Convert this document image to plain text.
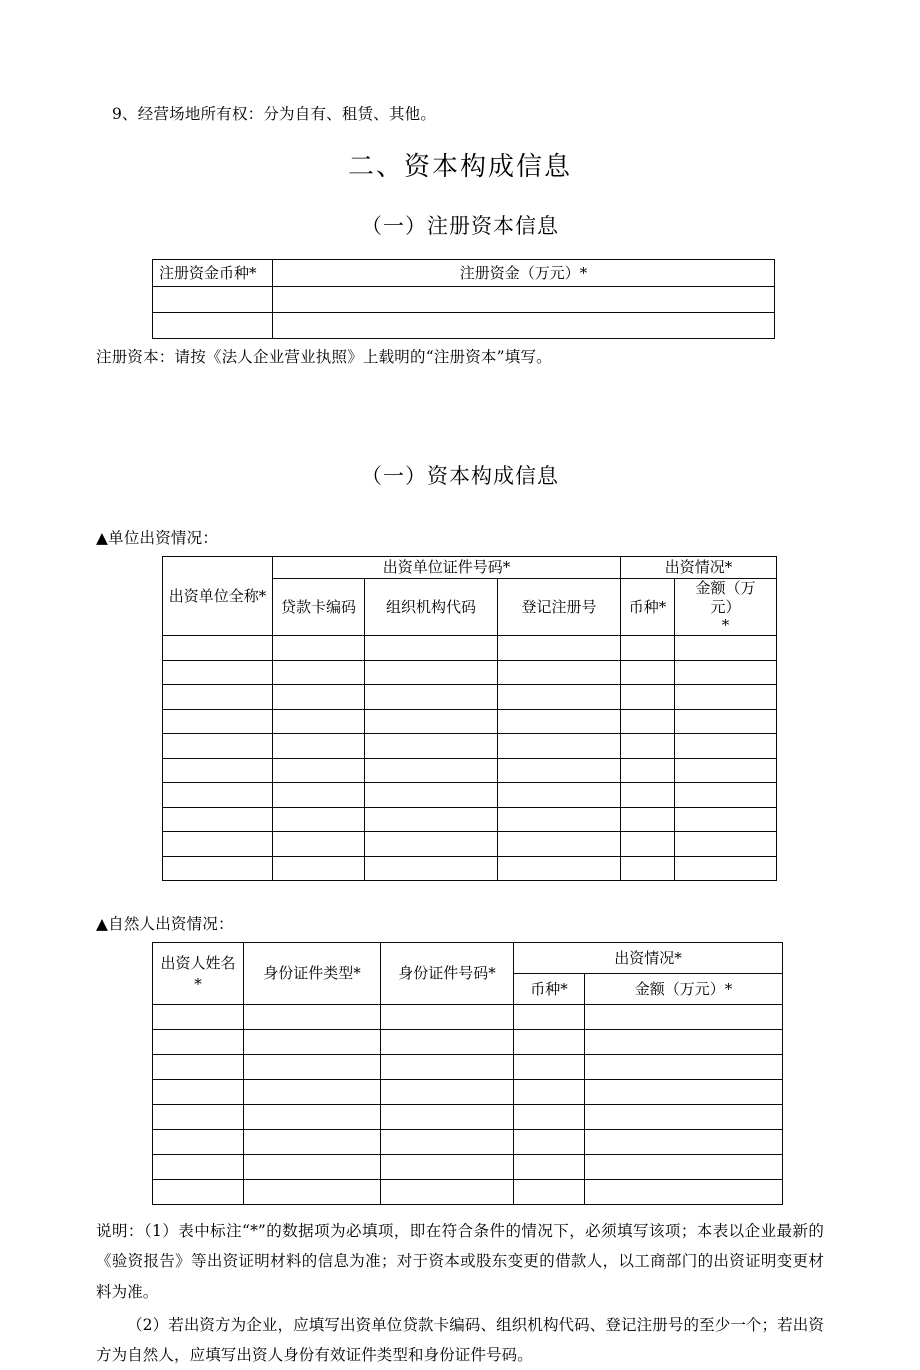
9、经营场地所有权：分为自有、租赁、其他。

二、资本构成信息
（一）注册资本信息
注册资金币种*	注册资金（万元）*

注册资本：请按《法人企业营业执照》上载明的“注册资本”填写。

（一）资本构成信息

▲单位出资情况：

出资单位全称*	出资单位证件号码*			出资情况*	
	贷款卡编码	组织机构代码	登记注册号	币种*	金额（万
元）
*

▲自然人出资情况：

出资人姓名*	身份证件类型*	身份证件号码*	出资情况*	
			币种*	金额（万元）*

说明：（1）表中标注“*”的数据项为必填项，即在符合条件的情况下，必须填写该项；本表以企业最新的《验资报告》等出资证明材料的信息为准；对于资本或股东变更的借款人，以工商部门的出资证明变更材料为准。

（2）若出资方为企业，应填写出资单位贷款卡编码、组织机构代码、登记注册号的至少一个；若出资方为自然人，应填写出资人身份有效证件类型和身份证件号码。
